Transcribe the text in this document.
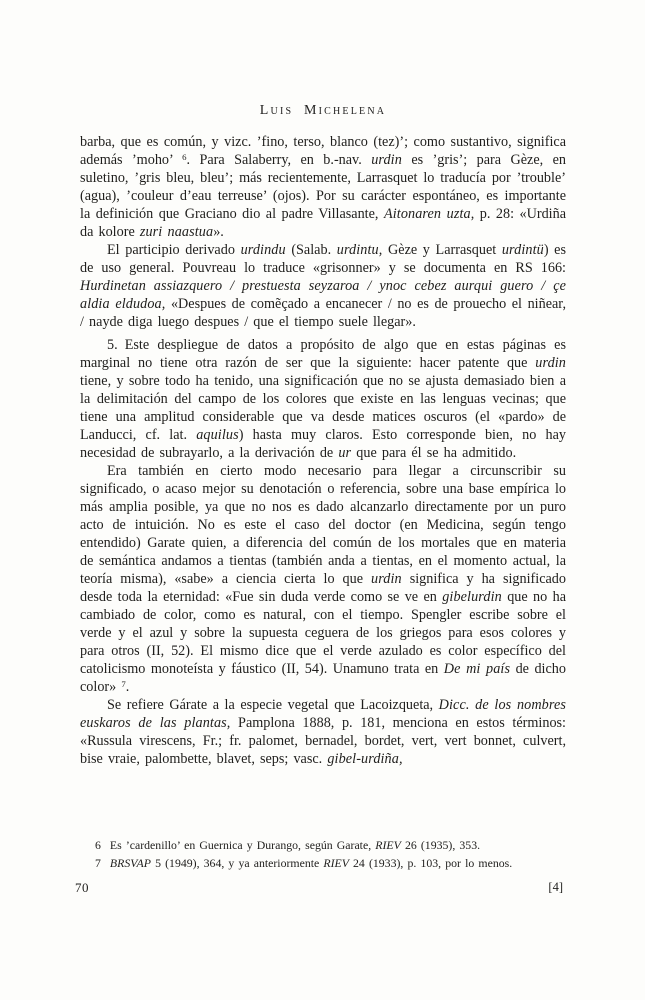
Luis Michelena

barba, que es común, y vizc. ’fino, terso, blanco (tez)’; como sustantivo, significa además ’moho’ $^6$. Para Salaberry, en b.-nav. urdin es ’gris’; para Gèze, en suletino, ’gris bleu, bleu’; más recientemente, Larrasquet lo traducía por ’trouble’ (agua), ’couleur d’eau terreuse’ (ojos). Por su carácter espontáneo, es importante la definición que Graciano dio al padre Villasante, Aitonaren uzta, p. 28: «Urdiña da kolore zuri naastua».

El participio derivado urdindu (Salab. urdintu, Gèze y Larrasquet urdintü) es de uso general. Pouvreau lo traduce «grisonner» y se documenta en RS 166: Hurdinetan assiazquero / prestuesta seyzaroa / ynoc cebez aurqui guero / çe aldia eldudoa, «Despues de comẽçado a encanecer / no es de prouecho el niñear, / nayde diga luego despues / que el tiempo suele llegar».

5. Este despliegue de datos a propósito de algo que en estas páginas es marginal no tiene otra razón de ser que la siguiente: hacer patente que urdin tiene, y sobre todo ha tenido, una significación que no se ajusta demasiado bien a la delimitación del campo de los colores que existe en las lenguas vecinas; que tiene una amplitud considerable que va desde matices oscuros (el «pardo» de Landucci, cf. lat. aquilus) hasta muy claros. Esto corresponde bien, no hay necesidad de subrayarlo, a la derivación de ur que para él se ha admitido.

Era también en cierto modo necesario para llegar a circunscribir su significado, o acaso mejor su denotación o referencia, sobre una base empírica lo más amplia posible, ya que no nos es dado alcanzarlo directamente por un puro acto de intuición. No es este el caso del doctor (en Medicina, según tengo entendido) Garate quien, a diferencia del común de los mortales que en materia de semántica andamos a tientas (también anda a tientas, en el momento actual, la teoría misma), «sabe» a ciencia cierta lo que urdin significa y ha significado desde toda la eternidad: «Fue sin duda verde como se ve en gibelurdin que no ha cambiado de color, como es natural, con el tiempo. Spengler escribe sobre el verde y el azul y sobre la supuesta ceguera de los griegos para esos colores y para otros (II, 52). El mismo dice que el verde azulado es color específico del catolicismo monoteísta y fáustico (II, 54). Unamuno trata en De mi país de dicho color» $^7$.

Se refiere Gárate a la especie vegetal que Lacoizqueta, Dicc. de los nombres euskaros de las plantas, Pamplona 1888, p. 181, menciona en estos términos: «Russula virescens, Fr.; fr. palomet, bernadel, bordet, vert, vert bonnet, culvert, bise vraie, palombette, blavet, seps; vasc. gibel-urdiña,

6 Es ’cardenillo’ en Guernica y Durango, según Garate, RIEV 26 (1935), 353.

7 BRSVAP 5 (1949), 364, y ya anteriormente RIEV 24 (1933), p. 103, por lo menos.

70	[4]
